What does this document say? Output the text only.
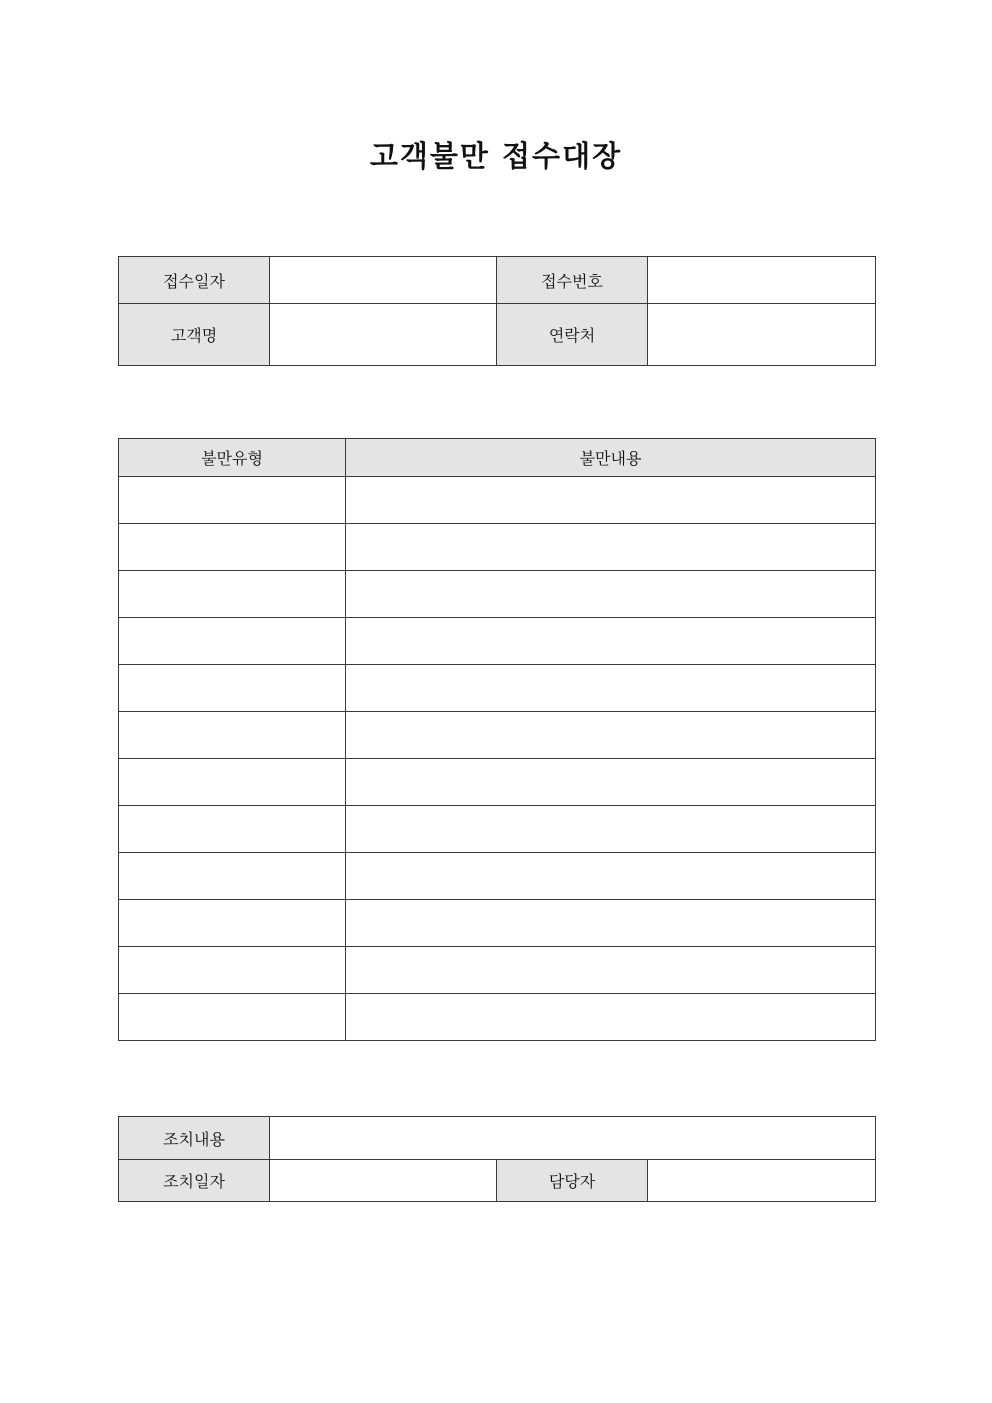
고객불만 접수대장
접수일자		접수번호	
고객명		연락처	
불만유형	불만내용

조치내용			
조치일자		담당자	
